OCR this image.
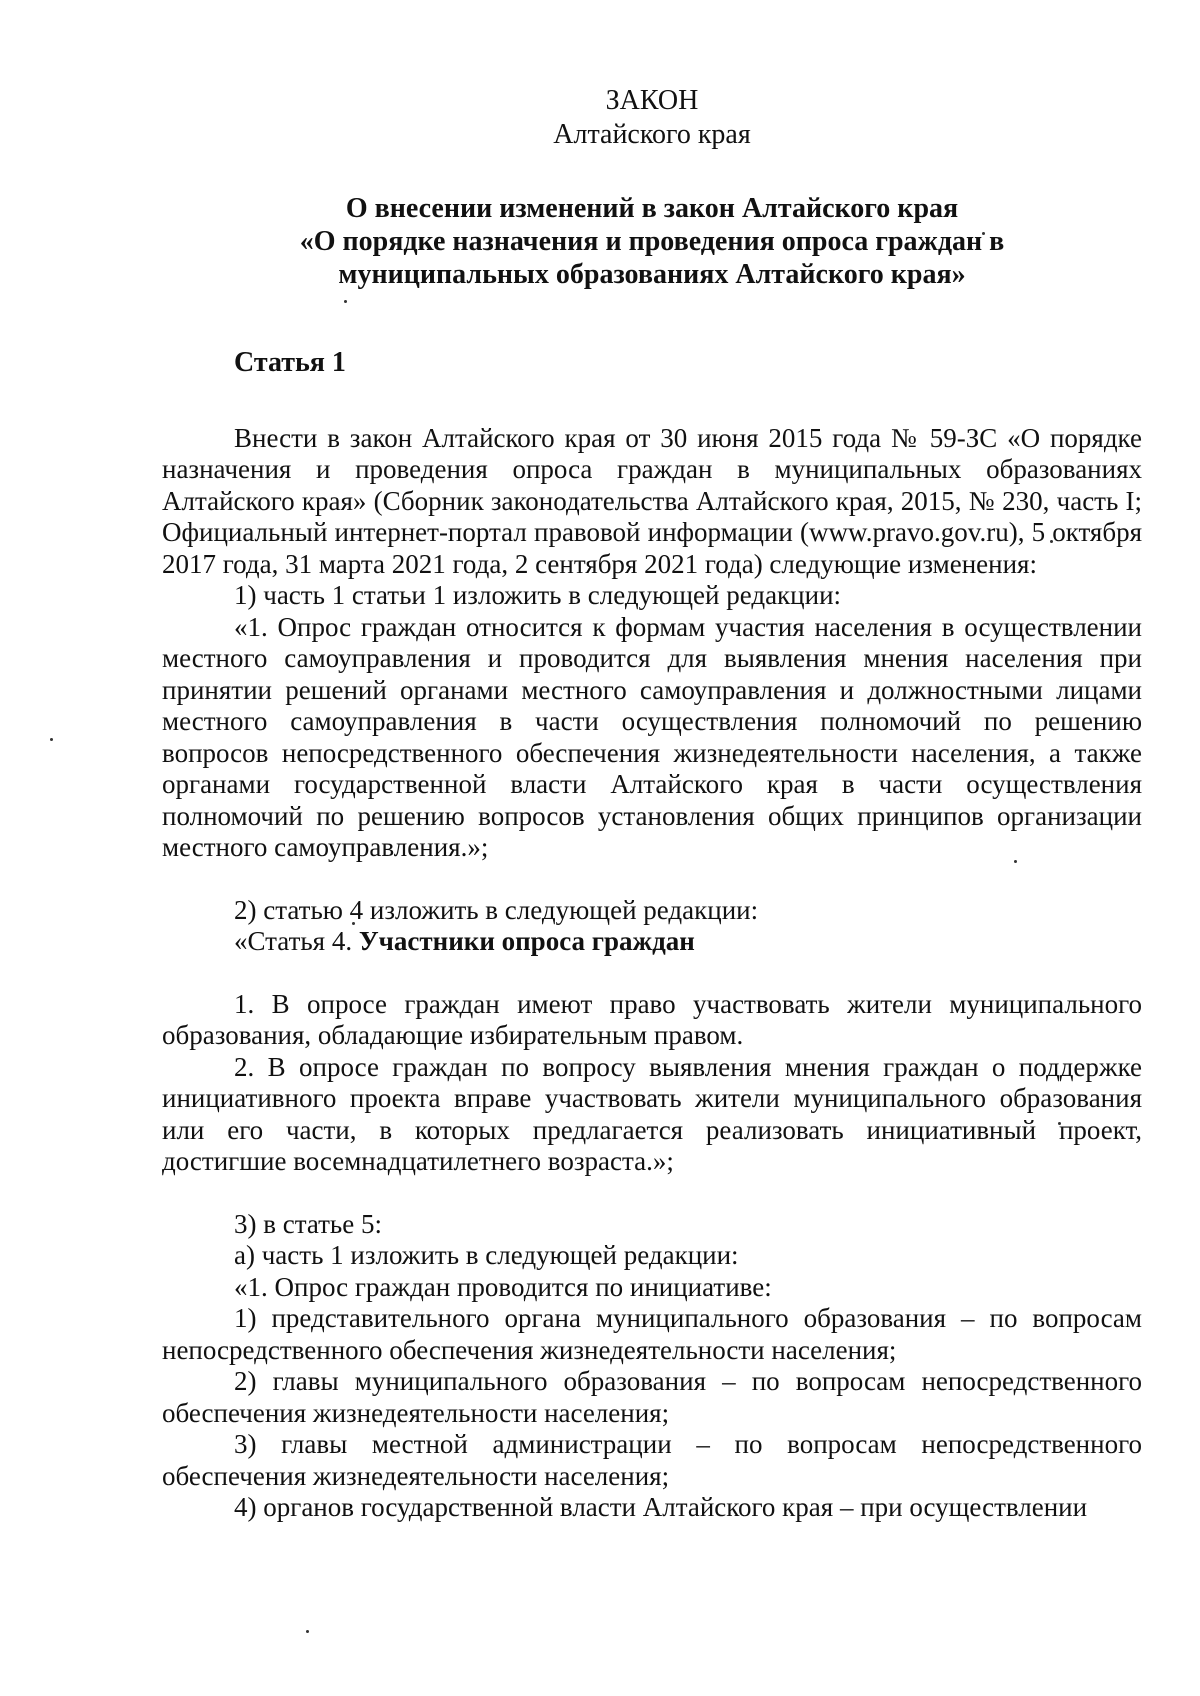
ЗАКОН
Алтайского края
О внесении изменений в закон Алтайского края
«О порядке назначения и проведения опроса граждан в
муниципальных образованиях Алтайского края»
Статья 1

Внести в закон Алтайского края от 30 июня 2015 года № 59-ЗС «О порядке назначения и проведения опроса граждан в муниципальных образованиях Алтайского края» (Сборник законодательства Алтайского края, 2015, № 230, часть I; Официальный интернет-портал правовой информации (www.pravo.gov.ru), 5 октября 2017 года, 31 марта 2021 года, 2 сентября 2021 года) следующие изменения:

1) часть 1 статьи 1 изложить в следующей редакции:

«1. Опрос граждан относится к формам участия населения в осуществлении местного самоуправления и проводится для выявления мнения населения при принятии решений органами местного самоуправления и должностными лицами местного самоуправления в части осуществления полномочий по решению вопросов непосредственного обеспечения жизнедеятельности населения, а также органами государственной власти Алтайского края в части осуществления полномочий по решению вопросов установления общих принципов организации местного самоуправления.»;

2) статью 4 изложить в следующей редакции:

«Статья 4. Участники опроса граждан

1. В опросе граждан имеют право участвовать жители муниципального образования, обладающие избирательным правом.

2. В опросе граждан по вопросу выявления мнения граждан о поддержке инициативного проекта вправе участвовать жители муниципального образования или его части, в которых предлагается реализовать инициативный проект, достигшие восемнадцатилетнего возраста.»;

3) в статье 5:

а) часть 1 изложить в следующей редакции:

«1. Опрос граждан проводится по инициативе:

1) представительного органа муниципального образования – по вопросам непосредственного обеспечения жизнедеятельности населения;

2) главы муниципального образования – по вопросам непосредственного обеспечения жизнедеятельности населения;

3) главы местной администрации – по вопросам непосредственного обеспечения жизнедеятельности населения;

4) органов государственной власти Алтайского края – при осуществлении
